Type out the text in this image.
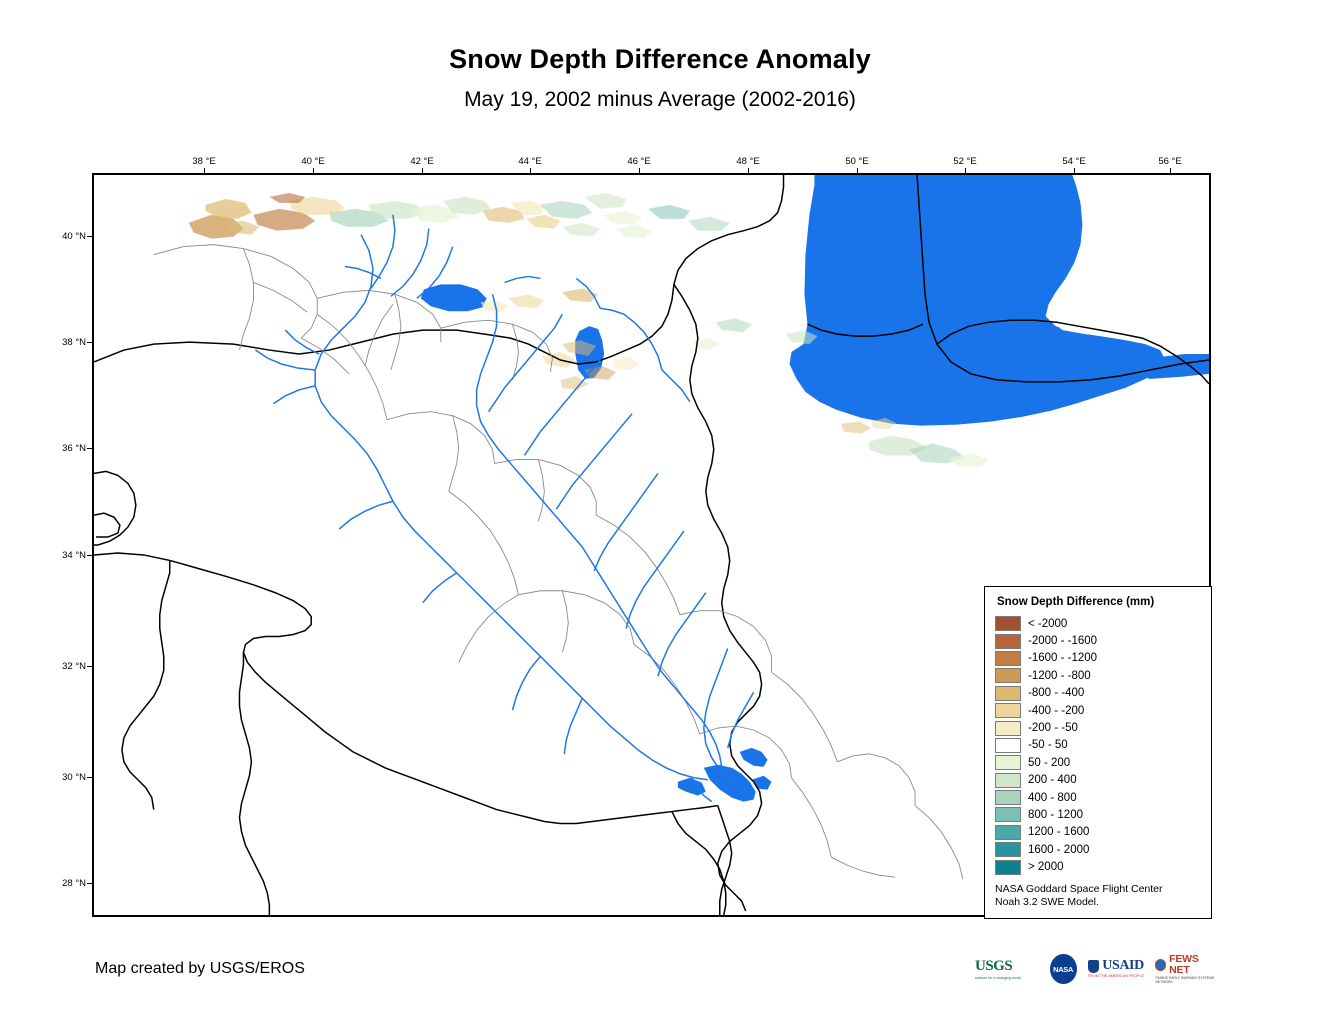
Snow Depth Difference Anomaly
May 19, 2002 minus Average (2002-2016)
38 °E	40 °E	42 °E	44 °E	46 °E	48 °E	50 °E	52 °E	54 °E	56 °E
40 °N
38 °N
36 °N
34 °N
32 °N
30 °N
28 °N
Snow Depth Difference (mm)
< -2000
-2000 - -1600
-1600 - -1200
-1200 - -800
-800 - -400
-400 - -200
-200 - -50
-50 - 50
50 - 200
200 - 400
400 - 800
800 - 1200
1200 - 1600
1600 - 2000
> 2000
NASA Goddard Space Flight Center
Noah 3.2 SWE Model.
Map created by USGS/EROS	USGS
science for a changing world
NASA USAID
FROM THE AMERICAN PEOPLE
FEWS NET
FAMINE EARLY WARNING SYSTEMS NETWORK
